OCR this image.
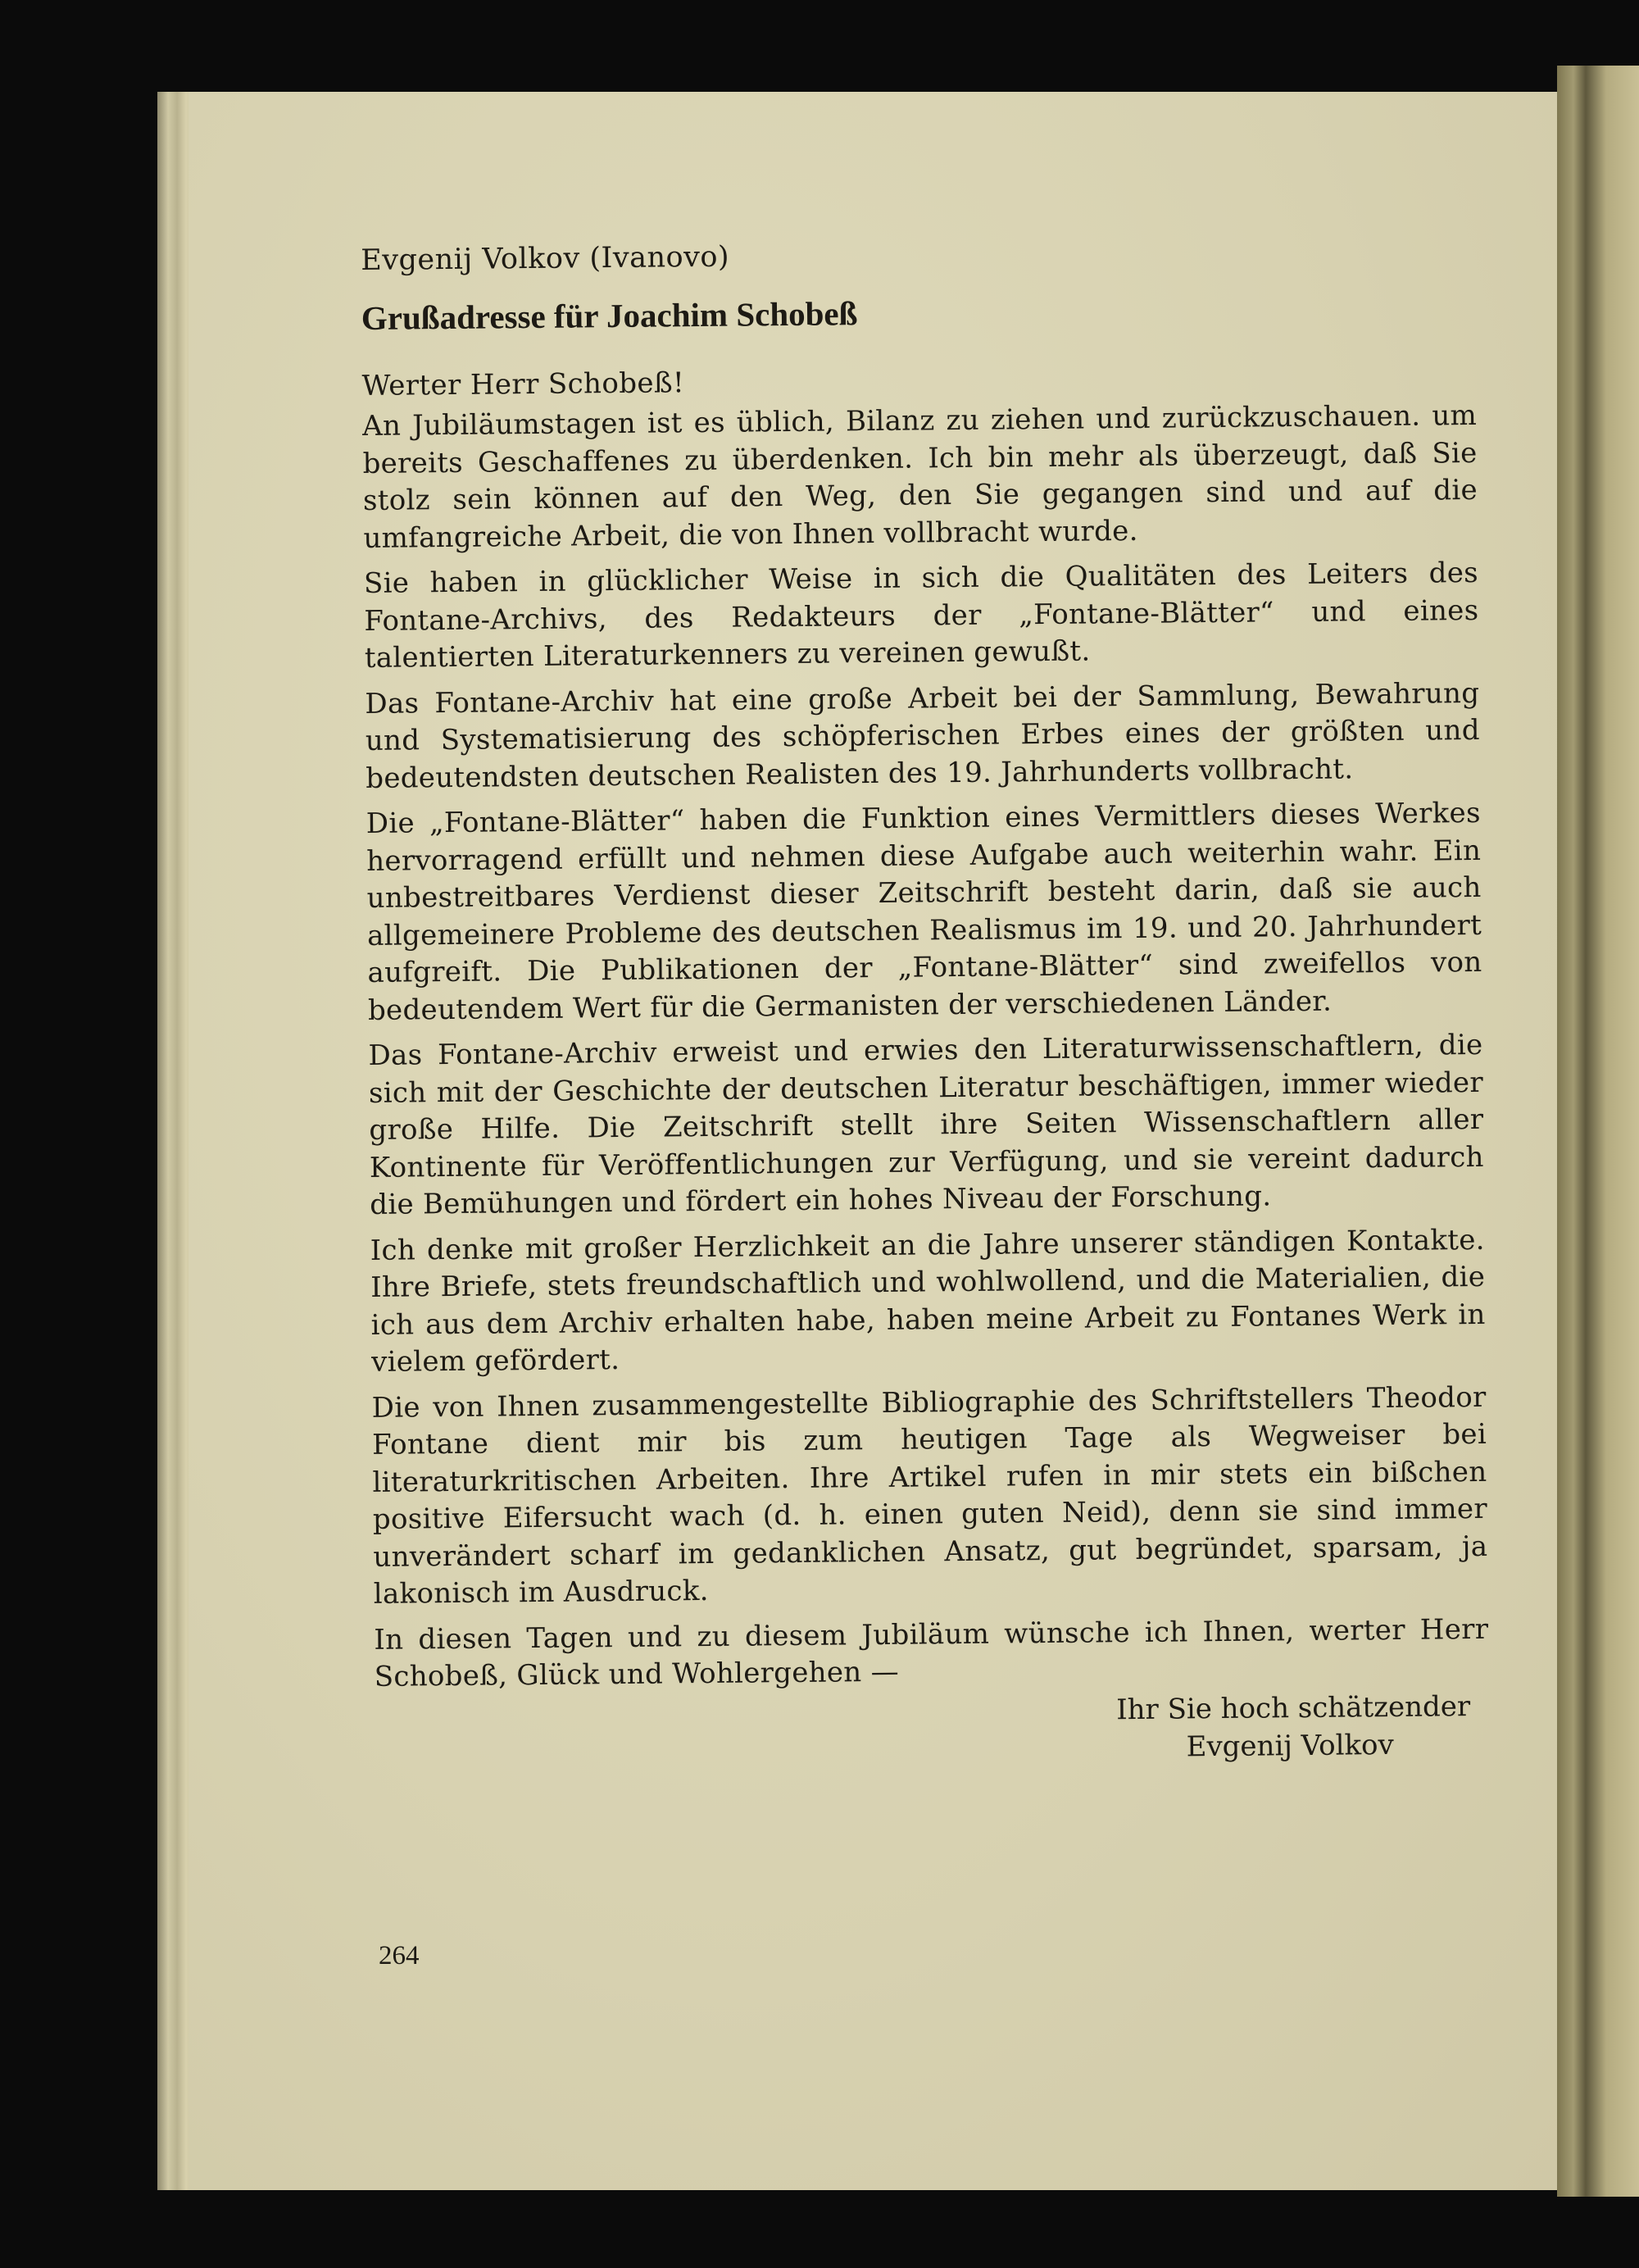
Evgenij Volkov (Ivanovo)

Grußadresse für Joachim Schobeß

Werter Herr Schobeß!

An Jubiläumstagen ist es üblich, Bilanz zu ziehen und zurückzuschauen. um bereits Geschaffenes zu überdenken. Ich bin mehr als überzeugt, daß Sie stolz sein können auf den Weg, den Sie gegangen sind und auf die umfangreiche Arbeit, die von Ihnen vollbracht wurde.

Sie haben in glücklicher Weise in sich die Qualitäten des Leiters des Fontane-Archivs, des Redakteurs der „Fontane-Blätter“ und eines talentierten Literaturkenners zu vereinen gewußt.

Das Fontane-Archiv hat eine große Arbeit bei der Sammlung, Bewahrung und Systematisierung des schöpferischen Erbes eines der größten und bedeutendsten deutschen Realisten des 19. Jahrhunderts vollbracht.

Die „Fontane-Blätter“ haben die Funktion eines Vermittlers dieses Werkes hervorragend erfüllt und nehmen diese Aufgabe auch weiterhin wahr. Ein unbestreitbares Verdienst dieser Zeitschrift besteht darin, daß sie auch allgemeinere Probleme des deutschen Realismus im 19. und 20. Jahrhundert aufgreift. Die Publikationen der „Fontane-Blätter“ sind zweifellos von bedeutendem Wert für die Germanisten der verschiedenen Länder.

Das Fontane-Archiv erweist und erwies den Literaturwissenschaftlern, die sich mit der Geschichte der deutschen Literatur beschäftigen, immer wieder große Hilfe. Die Zeitschrift stellt ihre Seiten Wissenschaftlern aller Kontinente für Veröffentlichungen zur Verfügung, und sie vereint dadurch die Bemühungen und fördert ein hohes Niveau der Forschung.

Ich denke mit großer Herzlichkeit an die Jahre unserer ständigen Kontakte. Ihre Briefe, stets freundschaftlich und wohlwollend, und die Materialien, die ich aus dem Archiv erhalten habe, haben meine Arbeit zu Fontanes Werk in vielem gefördert.

Die von Ihnen zusammengestellte Bibliographie des Schriftstellers Theodor Fontane dient mir bis zum heutigen Tage als Wegweiser bei literaturkritischen Arbeiten. Ihre Artikel rufen in mir stets ein bißchen positive Eifersucht wach (d. h. einen guten Neid), denn sie sind immer unverändert scharf im gedanklichen Ansatz, gut begründet, sparsam, ja lakonisch im Ausdruck.

In diesen Tagen und zu diesem Jubiläum wünsche ich Ihnen, werter Herr Schobeß, Glück und Wohlergehen —

Ihr Sie hoch schätzender

Evgenij Volkov

264
